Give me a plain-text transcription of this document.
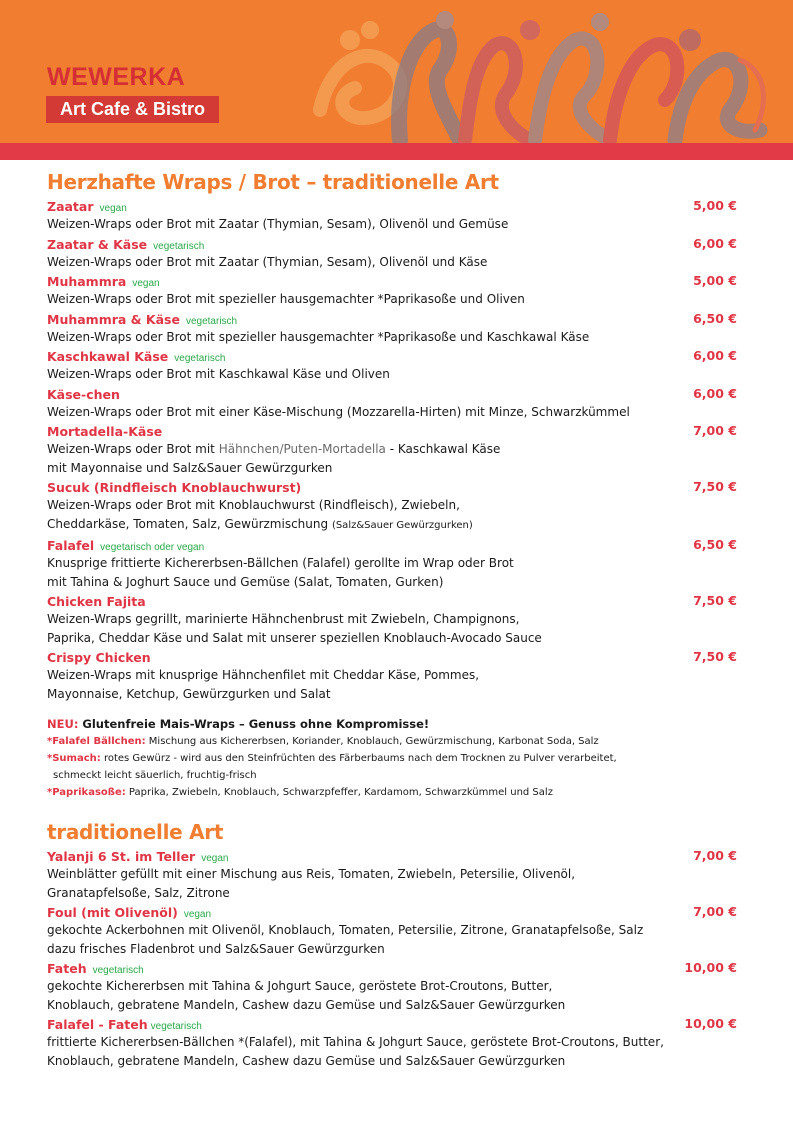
WEWERKA
Art Cafe & Bistro
Herzhafte Wraps / Brot – traditionelle Art
Zaatar vegan	5,00 €
Weizen-Wraps oder Brot mit Zaatar (Thymian, Sesam), Olivenöl und Gemüse
Zaatar & Käse vegetarisch	6,00 €
Weizen-Wraps oder Brot mit Zaatar (Thymian, Sesam), Olivenöl und Käse
Muhammra vegan	5,00 €
Weizen-Wraps oder Brot mit spezieller hausgemachter *Paprikasoße und Oliven
Muhammra & Käse vegetarisch	6,50 €
Weizen-Wraps oder Brot mit spezieller hausgemachter *Paprikasoße und Kaschkawal Käse
Kaschkawal Käse vegetarisch	6,00 €
Weizen-Wraps oder Brot mit Kaschkawal Käse und Oliven
Käse-chen	6,00 €
Weizen-Wraps oder Brot mit einer Käse-Mischung (Mozzarella-Hirten) mit Minze, Schwarzkümmel
Mortadella-Käse	7,00 €
Weizen-Wraps oder Brot mit Hähnchen/Puten-Mortadella - Kaschkawal Käse
mit Mayonnaise und Salz&Sauer Gewürzgurken
Sucuk (Rindfleisch Knoblauchwurst)	7,50 €
Weizen-Wraps oder Brot mit Knoblauchwurst (Rindfleisch), Zwiebeln,
Cheddarkäse, Tomaten, Salz, Gewürzmischung (Salz&Sauer Gewürzgurken)
Falafel vegetarisch oder vegan	6,50 €
Knusprige frittierte Kichererbsen-Bällchen (Falafel) gerollte im Wrap oder Brot
mit Tahina & Joghurt Sauce und Gemüse (Salat, Tomaten, Gurken)
Chicken Fajita	7,50 €
Weizen-Wraps gegrillt, marinierte Hähnchenbrust mit Zwiebeln, Champignons,
Paprika, Cheddar Käse und Salat mit unserer speziellen Knoblauch-Avocado Sauce
Crispy Chicken	7,50 €
Weizen-Wraps mit knusprige Hähnchenfilet mit Cheddar Käse, Pommes,
Mayonnaise, Ketchup, Gewürzgurken und Salat
NEU: Glutenfreie Mais-Wraps – Genuss ohne Kompromisse!
*Falafel Bällchen: Mischung aus Kichererbsen, Koriander, Knoblauch, Gewürzmischung, Karbonat Soda, Salz
*Sumach: rotes Gewürz - wird aus den Steinfrüchten des Färberbaums nach dem Trocknen zu Pulver verarbeitet,
schmeckt leicht säuerlich, fruchtig-frisch
*Paprikasoße: Paprika, Zwiebeln, Knoblauch, Schwarzpfeffer, Kardamom, Schwarzkümmel und Salz
traditionelle Art
Yalanji 6 St. im Teller vegan	7,00 €
Weinblätter gefüllt mit einer Mischung aus Reis, Tomaten, Zwiebeln, Petersilie, Olivenöl,
Granatapfelsoße, Salz, Zitrone
Foul (mit Olivenöl) vegan	7,00 €
gekochte Ackerbohnen mit Olivenöl, Knoblauch, Tomaten, Petersilie, Zitrone, Granatapfelsoße, Salz
dazu frisches Fladenbrot und Salz&Sauer Gewürzgurken
Fateh vegetarisch	10,00 €
gekochte Kichererbsen mit Tahina & Johgurt Sauce, geröstete Brot-Croutons, Butter,
Knoblauch, gebratene Mandeln, Cashew dazu Gemüse und Salz&Sauer Gewürzgurken
Falafel - Fateh vegetarisch	10,00 €
frittierte Kichererbsen-Bällchen *(Falafel), mit Tahina & Johgurt Sauce, geröstete Brot-Croutons, Butter,
Knoblauch, gebratene Mandeln, Cashew dazu Gemüse und Salz&Sauer Gewürzgurken
